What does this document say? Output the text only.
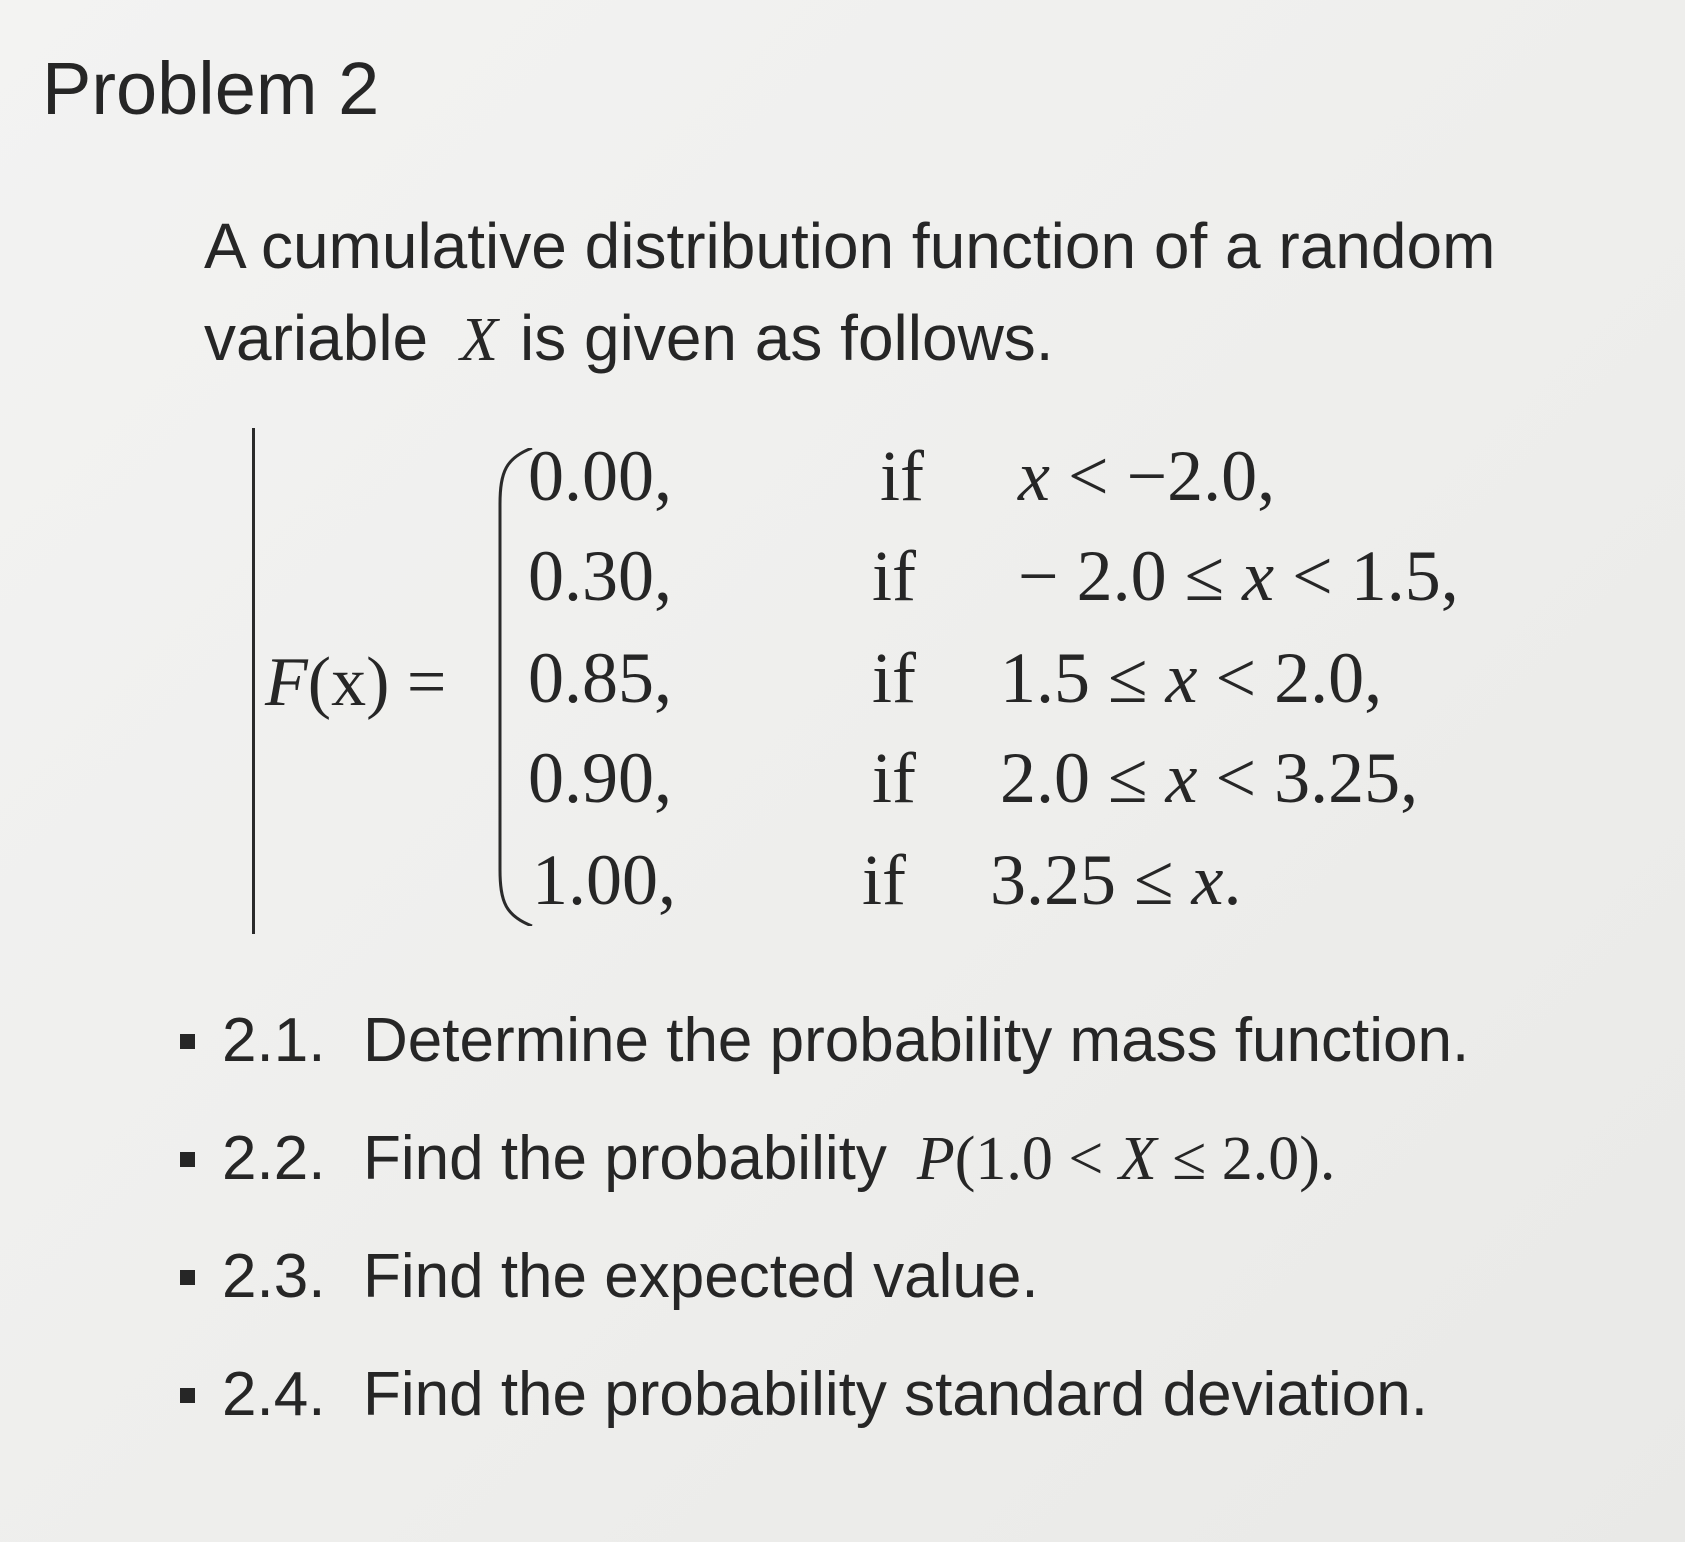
Problem 2
A cumulative distribution function of a random
variable X is given as follows.
F(x) =
0.00,	if x < −2.0,
0.30,	if − 2.0 ≤ x < 1.5,
0.85,	if 1.5 ≤ x < 2.0,
0.90,	if 2.0 ≤ x < 3.25,
1.00,	if 3.25 ≤ x.
2.1. Determine the probability mass function.
2.2. Find the probability P(1.0 < X ≤ 2.0).
2.3. Find the expected value.
2.4. Find the probability standard deviation.
